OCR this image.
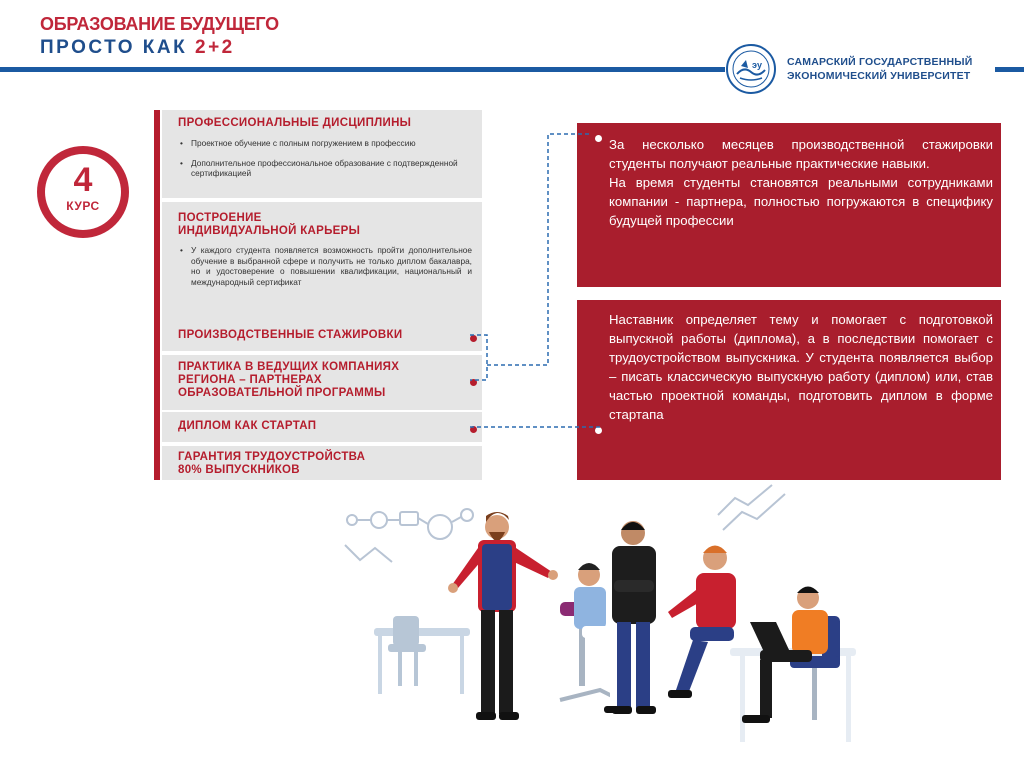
ОБРАЗОВАНИЕ БУДУЩЕГО
ПРОСТО КАК 2+2
эу САМАРСКИЙ ГОСУДАРСТВЕННЫЙ
ЭКОНОМИЧЕСКИЙ УНИВЕРСИТЕТ
4
КУРС
ПРОФЕССИОНАЛЬНЫЕ ДИСЦИПЛИНЫ
• Проектное обучение с полным погружением в профессию
• Дополнительное профессиональное образование с подтвержденной сертификацией
ПОСТРОЕНИЕ
ИНДИВИДУАЛЬНОЙ КАРЬЕРЫ
• У каждого студента появляется возможность пройти дополнительное обучение в выбранной сфере и получить не только диплом бакалавра, но и удостоверение о повышении квалификации, национальный и международный сертификат
ПРОИЗВОДСТВЕННЫЕ СТАЖИРОВКИ
ПРАКТИКА В ВЕДУЩИХ КОМПАНИЯХ
РЕГИОНА – ПАРТНЕРАХ
ОБРАЗОВАТЕЛЬНОЙ ПРОГРАММЫ
ДИПЛОМ КАК СТАРТАП
ГАРАНТИЯ ТРУДОУСТРОЙСТВА
80% ВЫПУСКНИКОВ

За несколько месяцев производственной стажировки студенты получают реальные практические навыки.

На время студенты становятся реальными сотрудниками компании - партнера, полностью погружаются в специфику будущей профессии

Наставник определяет тему и помогает с подготовкой выпускной работы (диплома), а в последствии помогает с трудоустройством выпускника. У студента появляется выбор – писать классическую выпускную работу (диплом) или, став частью проектной команды, подготовить диплом в форме стартапа
